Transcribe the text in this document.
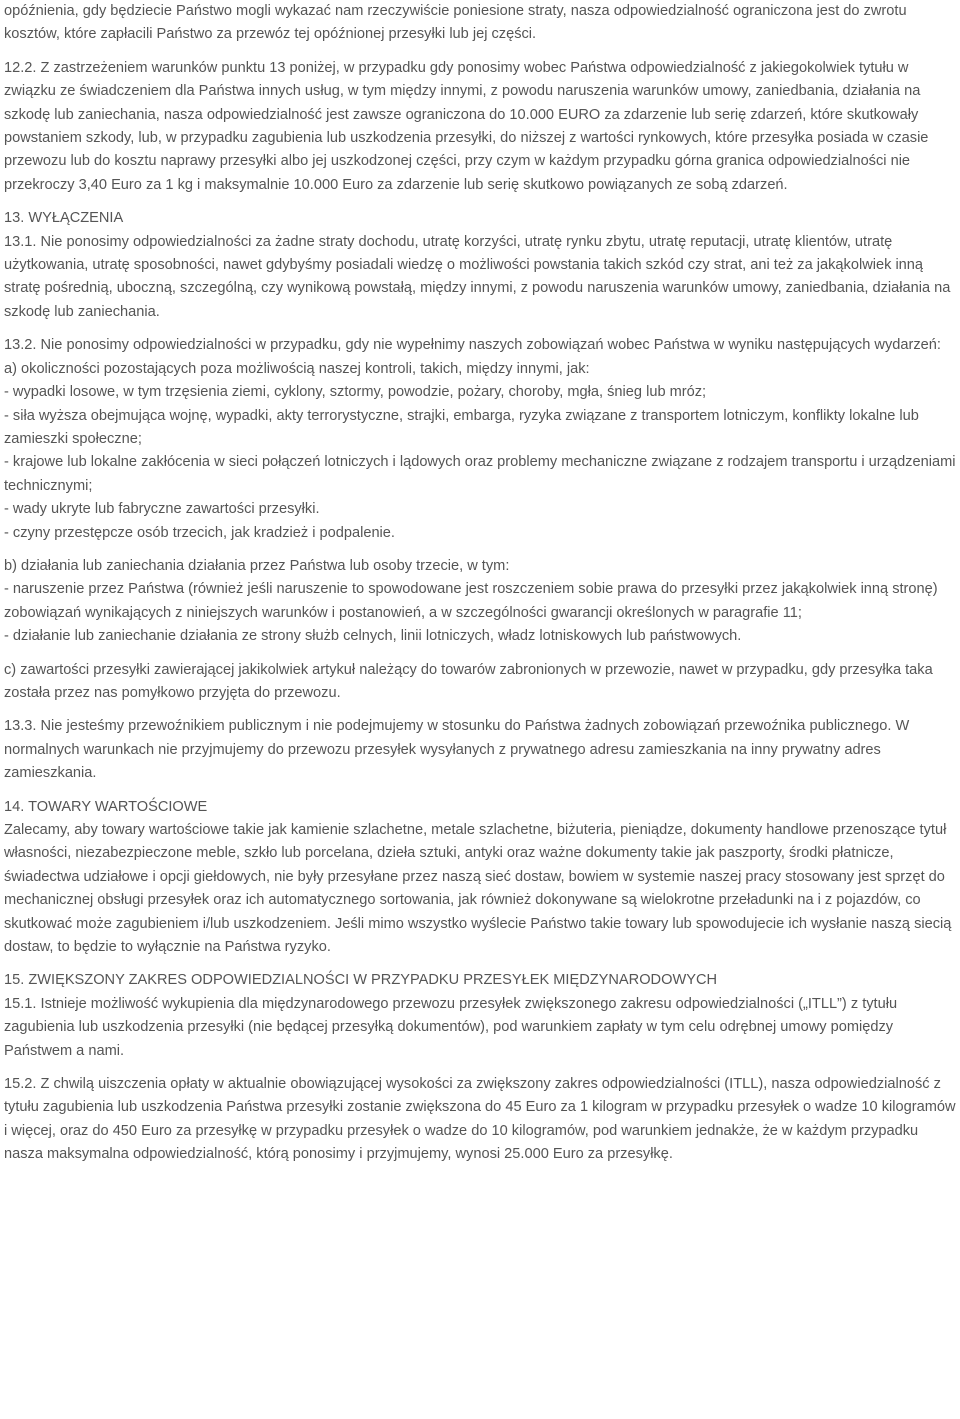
opóźnienia, gdy będziecie Państwo mogli wykazać nam rzeczywiście poniesione straty, nasza odpowiedzialność ograniczona jest do zwrotu kosztów, które zapłacili Państwo za przewóz tej opóźnionej przesyłki lub jej części.

12.2. Z zastrzeżeniem warunków punktu 13 poniżej, w przypadku gdy ponosimy wobec Państwa odpowiedzialność z jakiegokolwiek tytułu w związku ze świadczeniem dla Państwa innych usług, w tym między innymi, z powodu naruszenia warunków umowy, zaniedbania, działania na szkodę lub zaniechania, nasza odpowiedzialność jest zawsze ograniczona do 10.000 EURO za zdarzenie lub serię zdarzeń, które skutkowały powstaniem szkody, lub, w przypadku zagubienia lub uszkodzenia przesyłki, do niższej z wartości rynkowych, które przesyłka posiada w czasie przewozu lub do kosztu naprawy przesyłki albo jej uszkodzonej części, przy czym w każdym przypadku górna granica odpowiedzialności nie przekroczy 3,40 Euro za 1 kg i maksymalnie 10.000 Euro za zdarzenie lub serię skutkowo powiązanych ze sobą zdarzeń.

13. WYŁĄCZENIA

13.1. Nie ponosimy odpowiedzialności za żadne straty dochodu, utratę korzyści, utratę rynku zbytu, utratę reputacji, utratę klientów, utratę użytkowania, utratę sposobności, nawet gdybyśmy posiadali wiedzę o możliwości powstania takich szkód czy strat, ani też za jakąkolwiek inną stratę pośrednią, uboczną, szczególną, czy wynikową powstałą, między innymi, z powodu naruszenia warunków umowy, zaniedbania, działania na szkodę lub zaniechania.

13.2. Nie ponosimy odpowiedzialności w przypadku, gdy nie wypełnimy naszych zobowiązań wobec Państwa w wyniku następujących wydarzeń:

a) okoliczności pozostających poza możliwością naszej kontroli, takich, między innymi, jak:

- wypadki losowe, w tym trzęsienia ziemi, cyklony, sztormy, powodzie, pożary, choroby, mgła, śnieg lub mróz;

- siła wyższa obejmująca wojnę, wypadki, akty terrorystyczne, strajki, embarga, ryzyka związane z transportem lotniczym, konflikty lokalne lub zamieszki społeczne;

- krajowe lub lokalne zakłócenia w sieci połączeń lotniczych i lądowych oraz problemy mechaniczne związane z rodzajem transportu i urządzeniami technicznymi;

- wady ukryte lub fabryczne zawartości przesyłki.

- czyny przestępcze osób trzecich, jak kradzież i podpalenie.

b) działania lub zaniechania działania przez Państwa lub osoby trzecie, w tym:

- naruszenie przez Państwa (również jeśli naruszenie to spowodowane jest roszczeniem sobie prawa do przesyłki przez jakąkolwiek inną stronę) zobowiązań wynikających z niniejszych warunków i postanowień, a w szczególności gwarancji określonych w paragrafie 11;

- działanie lub zaniechanie działania ze strony służb celnych, linii lotniczych, władz lotniskowych lub państwowych.

c) zawartości przesyłki zawierającej jakikolwiek artykuł należący do towarów zabronionych w przewozie, nawet w przypadku, gdy przesyłka taka została przez nas pomyłkowo przyjęta do przewozu.

13.3. Nie jesteśmy przewoźnikiem publicznym i nie podejmujemy w stosunku do Państwa żadnych zobowiązań przewoźnika publicznego. W normalnych warunkach nie przyjmujemy do przewozu przesyłek wysyłanych z prywatnego adresu zamieszkania na inny prywatny adres zamieszkania.

14. TOWARY WARTOŚCIOWE

Zalecamy, aby towary wartościowe takie jak kamienie szlachetne, metale szlachetne, biżuteria, pieniądze, dokumenty handlowe przenoszące tytuł własności, niezabezpieczone meble, szkło lub porcelana, dzieła sztuki, antyki oraz ważne dokumenty takie jak paszporty, środki płatnicze, świadectwa udziałowe i opcji giełdowych, nie były przesyłane przez naszą sieć dostaw, bowiem w systemie naszej pracy stosowany jest sprzęt do mechanicznej obsługi przesyłek oraz ich automatycznego sortowania, jak również dokonywane są wielokrotne przeładunki na i z pojazdów, co skutkować może zagubieniem i/lub uszkodzeniem. Jeśli mimo wszystko wyślecie Państwo takie towary lub spowodujecie ich wysłanie naszą siecią dostaw, to będzie to wyłącznie na Państwa ryzyko.

15. ZWIĘKSZONY ZAKRES ODPOWIEDZIALNOŚCI W PRZYPADKU PRZESYŁEK MIĘDZYNARODOWYCH

15.1. Istnieje możliwość wykupienia dla międzynarodowego przewozu przesyłek zwiększonego zakresu odpowiedzialności („ITLL”) z tytułu zagubienia lub uszkodzenia przesyłki (nie będącej przesyłką dokumentów), pod warunkiem zapłaty w tym celu odrębnej umowy pomiędzy Państwem a nami.

15.2. Z chwilą uiszczenia opłaty w aktualnie obowiązującej wysokości za zwiększony zakres odpowiedzialności (ITLL), nasza odpowiedzialność z tytułu zagubienia lub uszkodzenia Państwa przesyłki zostanie zwiększona do 45 Euro za 1 kilogram w przypadku przesyłek o wadze 10 kilogramów i więcej, oraz do 450 Euro za przesyłkę w przypadku przesyłek o wadze do 10 kilogramów, pod warunkiem jednakże, że w każdym przypadku nasza maksymalna odpowiedzialność, którą ponosimy i przyjmujemy, wynosi 25.000 Euro za przesyłkę.
